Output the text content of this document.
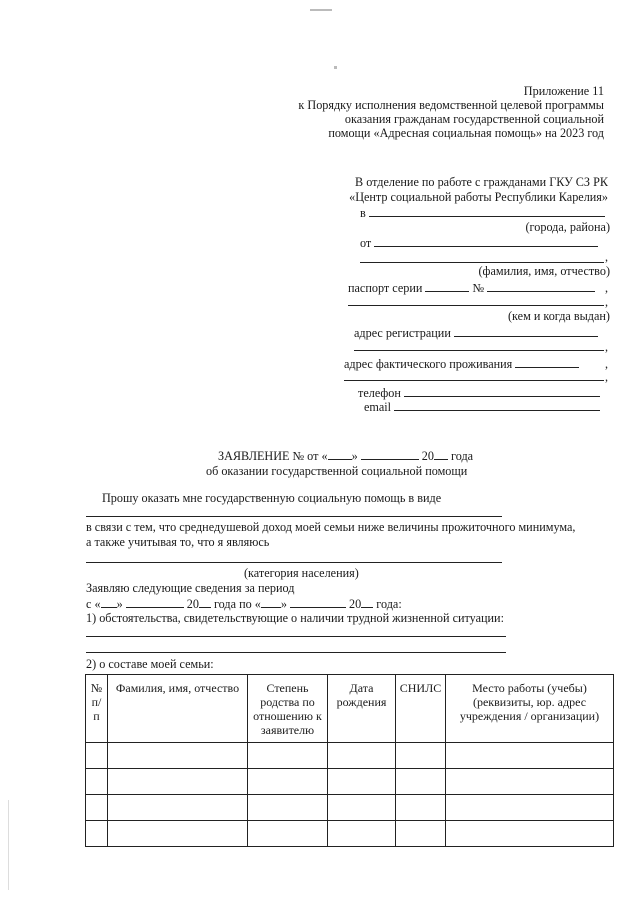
Приложение 11
к Порядку исполнения ведомственной целевой программы
оказания гражданам государственной социальной
помощи «Адресная социальная помощь» на 2023 год
В отделение по работе с гражданами ГКУ СЗ РК
«Центр социальной работы Республики Карелия»
в
(города, района)
от
,
(фамилия, имя, отчество)
паспорт серии	№	,
,
(кем и когда выдан)
адрес регистрации
,
адрес фактического проживания	,
,
телефон
email
ЗАЯВЛЕНИЕ № от « »	20 года
об оказании государственной социальной помощи
Прошу оказать мне государственную социальную помощь в виде
в связи с тем, что среднедушевой доход моей семьи ниже величины прожиточного минимума,
а также учитывая то, что я являюсь
(категория населения)
Заявляю следующие сведения за период
с « »	20 года по « »	20 года:
1) обстоятельства, свидетельствующие о наличии трудной жизненной ситуации:
2) о составе моей семьи:
№ п/ п	Фамилия, имя, отчество	Степень родства по отношению к заявителю	Дата рождения	СНИЛС	Место работы (учебы) (реквизиты, юр. адрес учреждения / организации)
